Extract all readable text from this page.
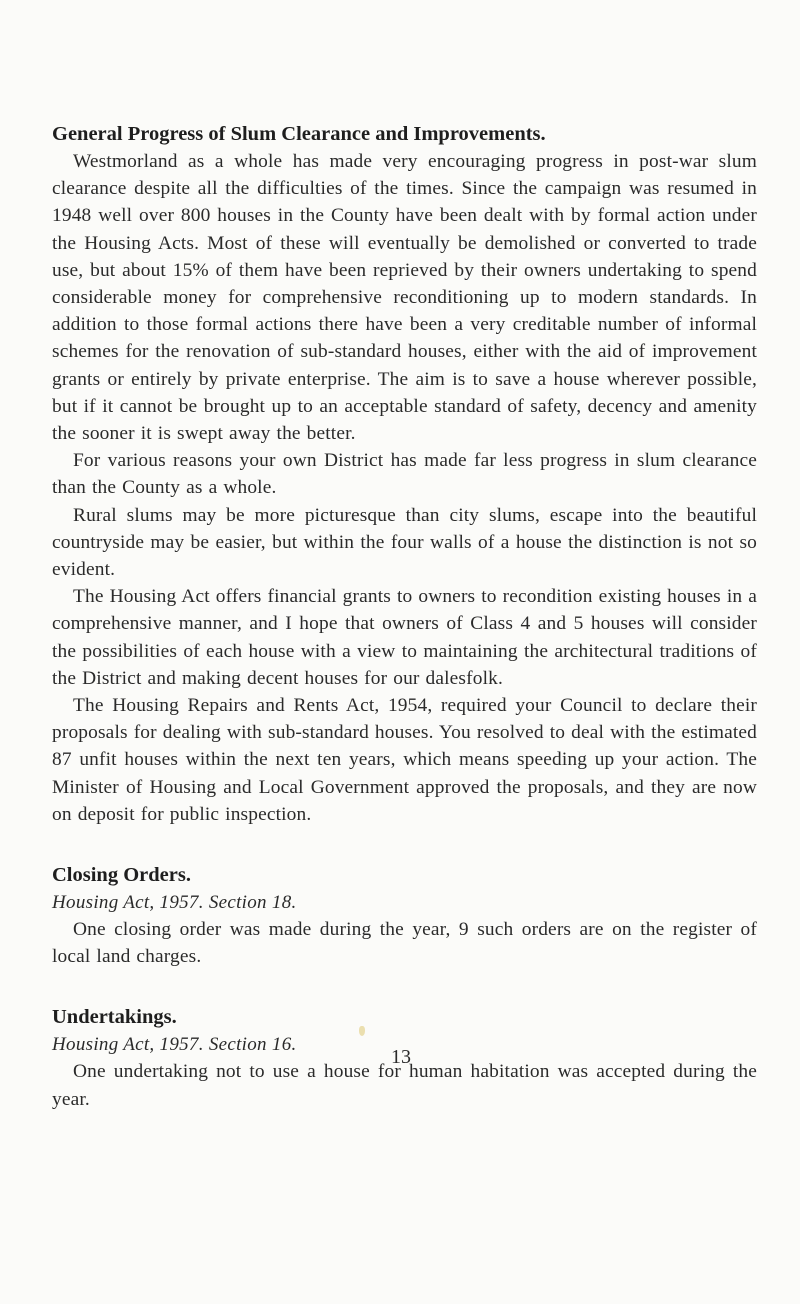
General Progress of Slum Clearance and Improvements.

Westmorland as a whole has made very encouraging progress in post-war slum clearance despite all the difficulties of the times. Since the campaign was resumed in 1948 well over 800 houses in the County have been dealt with by formal action under the Housing Acts. Most of these will eventually be demolished or converted to trade use, but about 15% of them have been reprieved by their owners undertaking to spend considerable money for comprehensive reconditioning up to modern standards. In addition to those formal actions there have been a very creditable number of informal schemes for the renovation of sub-standard houses, either with the aid of improvement grants or entirely by private enterprise. The aim is to save a house wherever possible, but if it cannot be brought up to an acceptable standard of safety, decency and amenity the sooner it is swept away the better.

For various reasons your own District has made far less progress in slum clearance than the County as a whole.

Rural slums may be more picturesque than city slums, escape into the beautiful countryside may be easier, but within the four walls of a house the distinction is not so evident.

The Housing Act offers financial grants to owners to recondition existing houses in a comprehensive manner, and I hope that owners of Class 4 and 5 houses will consider the possibilities of each house with a view to maintaining the architectural traditions of the District and making decent houses for our dalesfolk.

The Housing Repairs and Rents Act, 1954, required your Council to declare their proposals for dealing with sub-standard houses. You resolved to deal with the estimated 87 unfit houses within the next ten years, which means speeding up your action. The Minister of Housing and Local Government approved the proposals, and they are now on deposit for public inspection.

Closing Orders.
Housing Act, 1957. Section 18.

One closing order was made during the year, 9 such orders are on the register of local land charges.

Undertakings.
Housing Act, 1957. Section 16.

One undertaking not to use a house for human habitation was accepted during the year.

13
